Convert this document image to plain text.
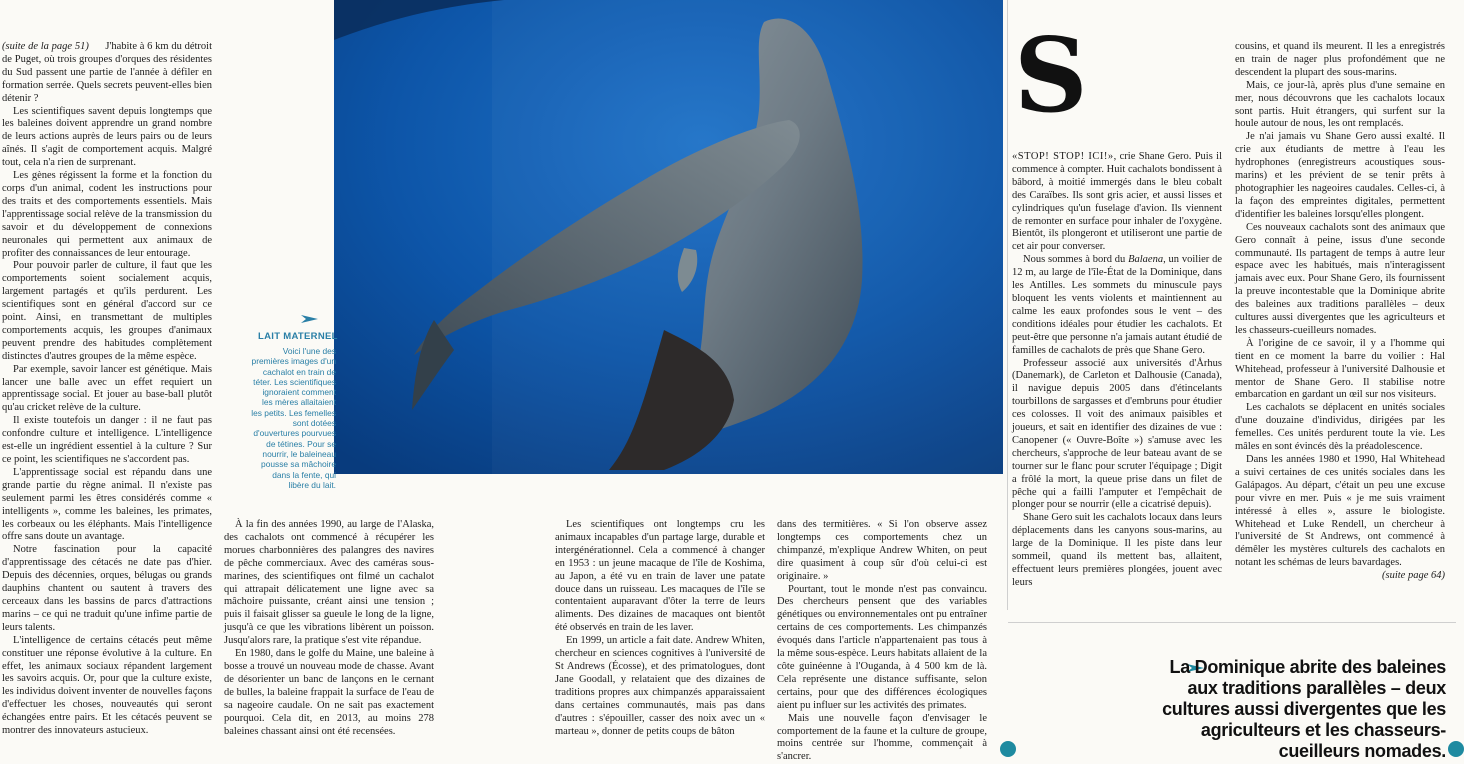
(suite de la page 51) J'habite à 6 km du détroit de Puget, où trois groupes d'orques des résidentes du Sud passent une partie de l'année à défiler en formation serrée. Quels secrets peuvent-elles bien détenir ?

Les scientifiques savent depuis longtemps que les baleines doivent apprendre un grand nombre de leurs actions auprès de leurs pairs ou de leurs aînés. Il s'agit de comportement acquis. Malgré tout, cela n'a rien de surprenant.

Les gènes régissent la forme et la fonction du corps d'un animal, codent les instructions pour des traits et des comportements essentiels. Mais l'apprentissage social relève de la transmission du savoir et du développement de connexions neuronales qui permettent aux animaux de profiter des connaissances de leur entourage.

Pour pouvoir parler de culture, il faut que les comportements soient socialement acquis, largement partagés et qu'ils perdurent. Les scientifiques sont en général d'accord sur ce point. Ainsi, en transmettant de multiples comportements acquis, les groupes d'animaux peuvent prendre des habitudes complètement distinctes d'autres groupes de la même espèce.

Par exemple, savoir lancer est génétique. Mais lancer une balle avec un effet requiert un apprentissage social. Et jouer au base-ball plutôt qu'au cricket relève de la culture.

Il existe toutefois un danger : il ne faut pas confondre culture et intelligence. L'intelligence est-elle un ingrédient essentiel à la culture ? Sur ce point, les scientifiques ne s'accordent pas.

L'apprentissage social est répandu dans une grande partie du règne animal. Il n'existe pas seulement parmi les êtres considérés comme « intelligents », comme les baleines, les primates, les corbeaux ou les éléphants. Mais l'intelligence offre sans doute un avantage.

Notre fascination pour la capacité d'apprentissage des cétacés ne date pas d'hier. Depuis des décennies, orques, bélugas ou grands dauphins chantent ou sautent à travers des cerceaux dans les bassins de parcs d'attractions marins – ce qui ne traduit qu'une infime partie de leurs talents.

L'intelligence de certains cétacés peut même constituer une réponse évolutive à la culture. En effet, les animaux sociaux répandent largement les savoirs acquis. Or, pour que la culture existe, les individus doivent inventer de nouvelles façons d'effectuer les choses, nouveautés qui seront échangées entre pairs. Et les cétacés peuvent se montrer des innovateurs astucieux.

LAIT MATERNEL
Voici l'une des premières images d'un cachalot en train de téter. Les scientifiques ignoraient comment les mères allaitaient les petits. Les femelles sont dotées d'ouvertures pourvues de tétines. Pour se nourrir, le baleineau pousse sa mâchoire dans la fente, qui libère du lait.

À la fin des années 1990, au large de l'Alaska, des cachalots ont commencé à récupérer les morues charbonnières des palangres des navires de pêche commerciaux. Avec des caméras sous-marines, des scientifiques ont filmé un cachalot qui attrapait délicatement une ligne avec sa mâchoire puissante, créant ainsi une tension ; puis il faisait glisser sa gueule le long de la ligne, jusqu'à ce que les vibrations libèrent un poisson. Jusqu'alors rare, la pratique s'est vite répandue.

En 1980, dans le golfe du Maine, une baleine à bosse a trouvé un nouveau mode de chasse. Avant de désorienter un banc de lançons en le cernant de bulles, la baleine frappait la surface de l'eau de sa nageoire caudale. On ne sait pas exactement pourquoi. Cela dit, en 2013, au moins 278 baleines chassant ainsi ont été recensées.

Les scientifiques ont longtemps cru les animaux incapables d'un partage large, durable et intergénérationnel. Cela a commencé à changer en 1953 : un jeune macaque de l'île de Koshima, au Japon, a été vu en train de laver une patate douce dans un ruisseau. Les macaques de l'île se contentaient auparavant d'ôter la terre de leurs aliments. Des dizaines de macaques ont bientôt été observés en train de les laver.

En 1999, un article a fait date. Andrew Whiten, chercheur en sciences cognitives à l'université de St Andrews (Écosse), et des primatologues, dont Jane Goodall, y relataient que des dizaines de traditions propres aux chimpanzés apparaissaient dans certaines communautés, mais pas dans d'autres : s'épouiller, casser des noix avec un « marteau », donner de petits coups de bâton

dans des termitières. « Si l'on observe assez longtemps ces comportements chez un chimpanzé, m'explique Andrew Whiten, on peut dire quasiment à coup sûr d'où celui-ci est originaire. »

Pourtant, tout le monde n'est pas convaincu. Des chercheurs pensent que des variables génétiques ou environnementales ont pu entraîner certains de ces comportements. Les chimpanzés évoqués dans l'article n'appartenaient pas tous à la même sous-espèce. Leurs habitats allaient de la côte guinéenne à l'Ouganda, à 4 500 km de là. Cela représente une distance suffisante, selon certains, pour que des différences écologiques aient pu influer sur les activités des primates.

Mais une nouvelle façon d'envisager le comportement de la faune et la culture de groupe, moins centrée sur l'homme, commençait à s'ancrer.

S

«STOP! STOP! ICI!», crie Shane Gero. Puis il commence à compter. Huit cachalots bondissent à bâbord, à moitié immergés dans le bleu cobalt des Caraïbes. Ils sont gris acier, et aussi lisses et cylindriques qu'un fuselage d'avion. Ils viennent de remonter en surface pour inhaler de l'oxygène. Bientôt, ils plongeront et utiliseront une partie de cet air pour converser.

Nous sommes à bord du Balaena, un voilier de 12 m, au large de l'île-État de la Dominique, dans les Antilles. Les sommets du minuscule pays bloquent les vents violents et maintiennent au calme les eaux profondes sous le vent – des conditions idéales pour étudier les cachalots. Et peut-être que personne n'a jamais autant étudié de familles de cachalots de près que Shane Gero.

Professeur associé aux universités d'Århus (Danemark), de Carleton et Dalhousie (Canada), il navigue depuis 2005 dans d'étincelants tourbillons de sargasses et d'embruns pour étudier ces colosses. Il voit des animaux paisibles et joueurs, et sait en identifier des dizaines de vue : Canopener (« Ouvre-Boîte ») s'amuse avec les chercheurs, s'approche de leur bateau avant de se tourner sur le flanc pour scruter l'équipage ; Digit a frôlé la mort, la queue prise dans un filet de pêche qui a failli l'amputer et l'empêchait de plonger pour se nourrir (elle a cicatrisé depuis).

Shane Gero suit les cachalots locaux dans leurs déplacements dans les canyons sous-marins, au large de la Dominique. Il les piste dans leur sommeil, quand ils mettent bas, allaitent, effectuent leurs premières plongées, jouent avec leurs

cousins, et quand ils meurent. Il les a enregistrés en train de nager plus profondément que ne descendent la plupart des sous-marins.

Mais, ce jour-là, après plus d'une semaine en mer, nous découvrons que les cachalots locaux sont partis. Huit étrangers, qui surfent sur la houle autour de nous, les ont remplacés.

Je n'ai jamais vu Shane Gero aussi exalté. Il crie aux étudiants de mettre à l'eau les hydrophones (enregistreurs acoustiques sous-marins) et les prévient de se tenir prêts à photographier les nageoires caudales. Celles-ci, à la façon des empreintes digitales, permettent d'identifier les baleines lorsqu'elles plongent.

Ces nouveaux cachalots sont des animaux que Gero connaît à peine, issus d'une seconde communauté. Ils partagent de temps à autre leur espace avec les habitués, mais n'interagissent jamais avec eux. Pour Shane Gero, ils fournissent la preuve incontestable que la Dominique abrite des baleines aux traditions parallèles – deux cultures aussi divergentes que les agriculteurs et les chasseurs-cueilleurs nomades.

À l'origine de ce savoir, il y a l'homme qui tient en ce moment la barre du voilier : Hal Whitehead, professeur à l'université Dalhousie et mentor de Shane Gero. Il stabilise notre embarcation en gardant un œil sur nos visiteurs.

Les cachalots se déplacent en unités sociales d'une douzaine d'individus, dirigées par les femelles. Ces unités perdurent toute la vie. Les mâles en sont évincés dès la préadolescence.

Dans les années 1980 et 1990, Hal Whitehead a suivi certaines de ces unités sociales dans les Galápagos. Au départ, c'était un peu une excuse pour vivre en mer. Puis « je me suis vraiment intéressé à elles », assure le biologiste. Whitehead et Luke Rendell, un chercheur à l'université de St Andrews, ont commencé à démêler les mystères culturels des cachalots en notant les schémas de leurs bavardages.

(suite page 64)
La Dominique abrite des baleines aux traditions parallèles – deux cultures aussi divergentes que les agriculteurs et les chasseurs-cueilleurs nomades.
